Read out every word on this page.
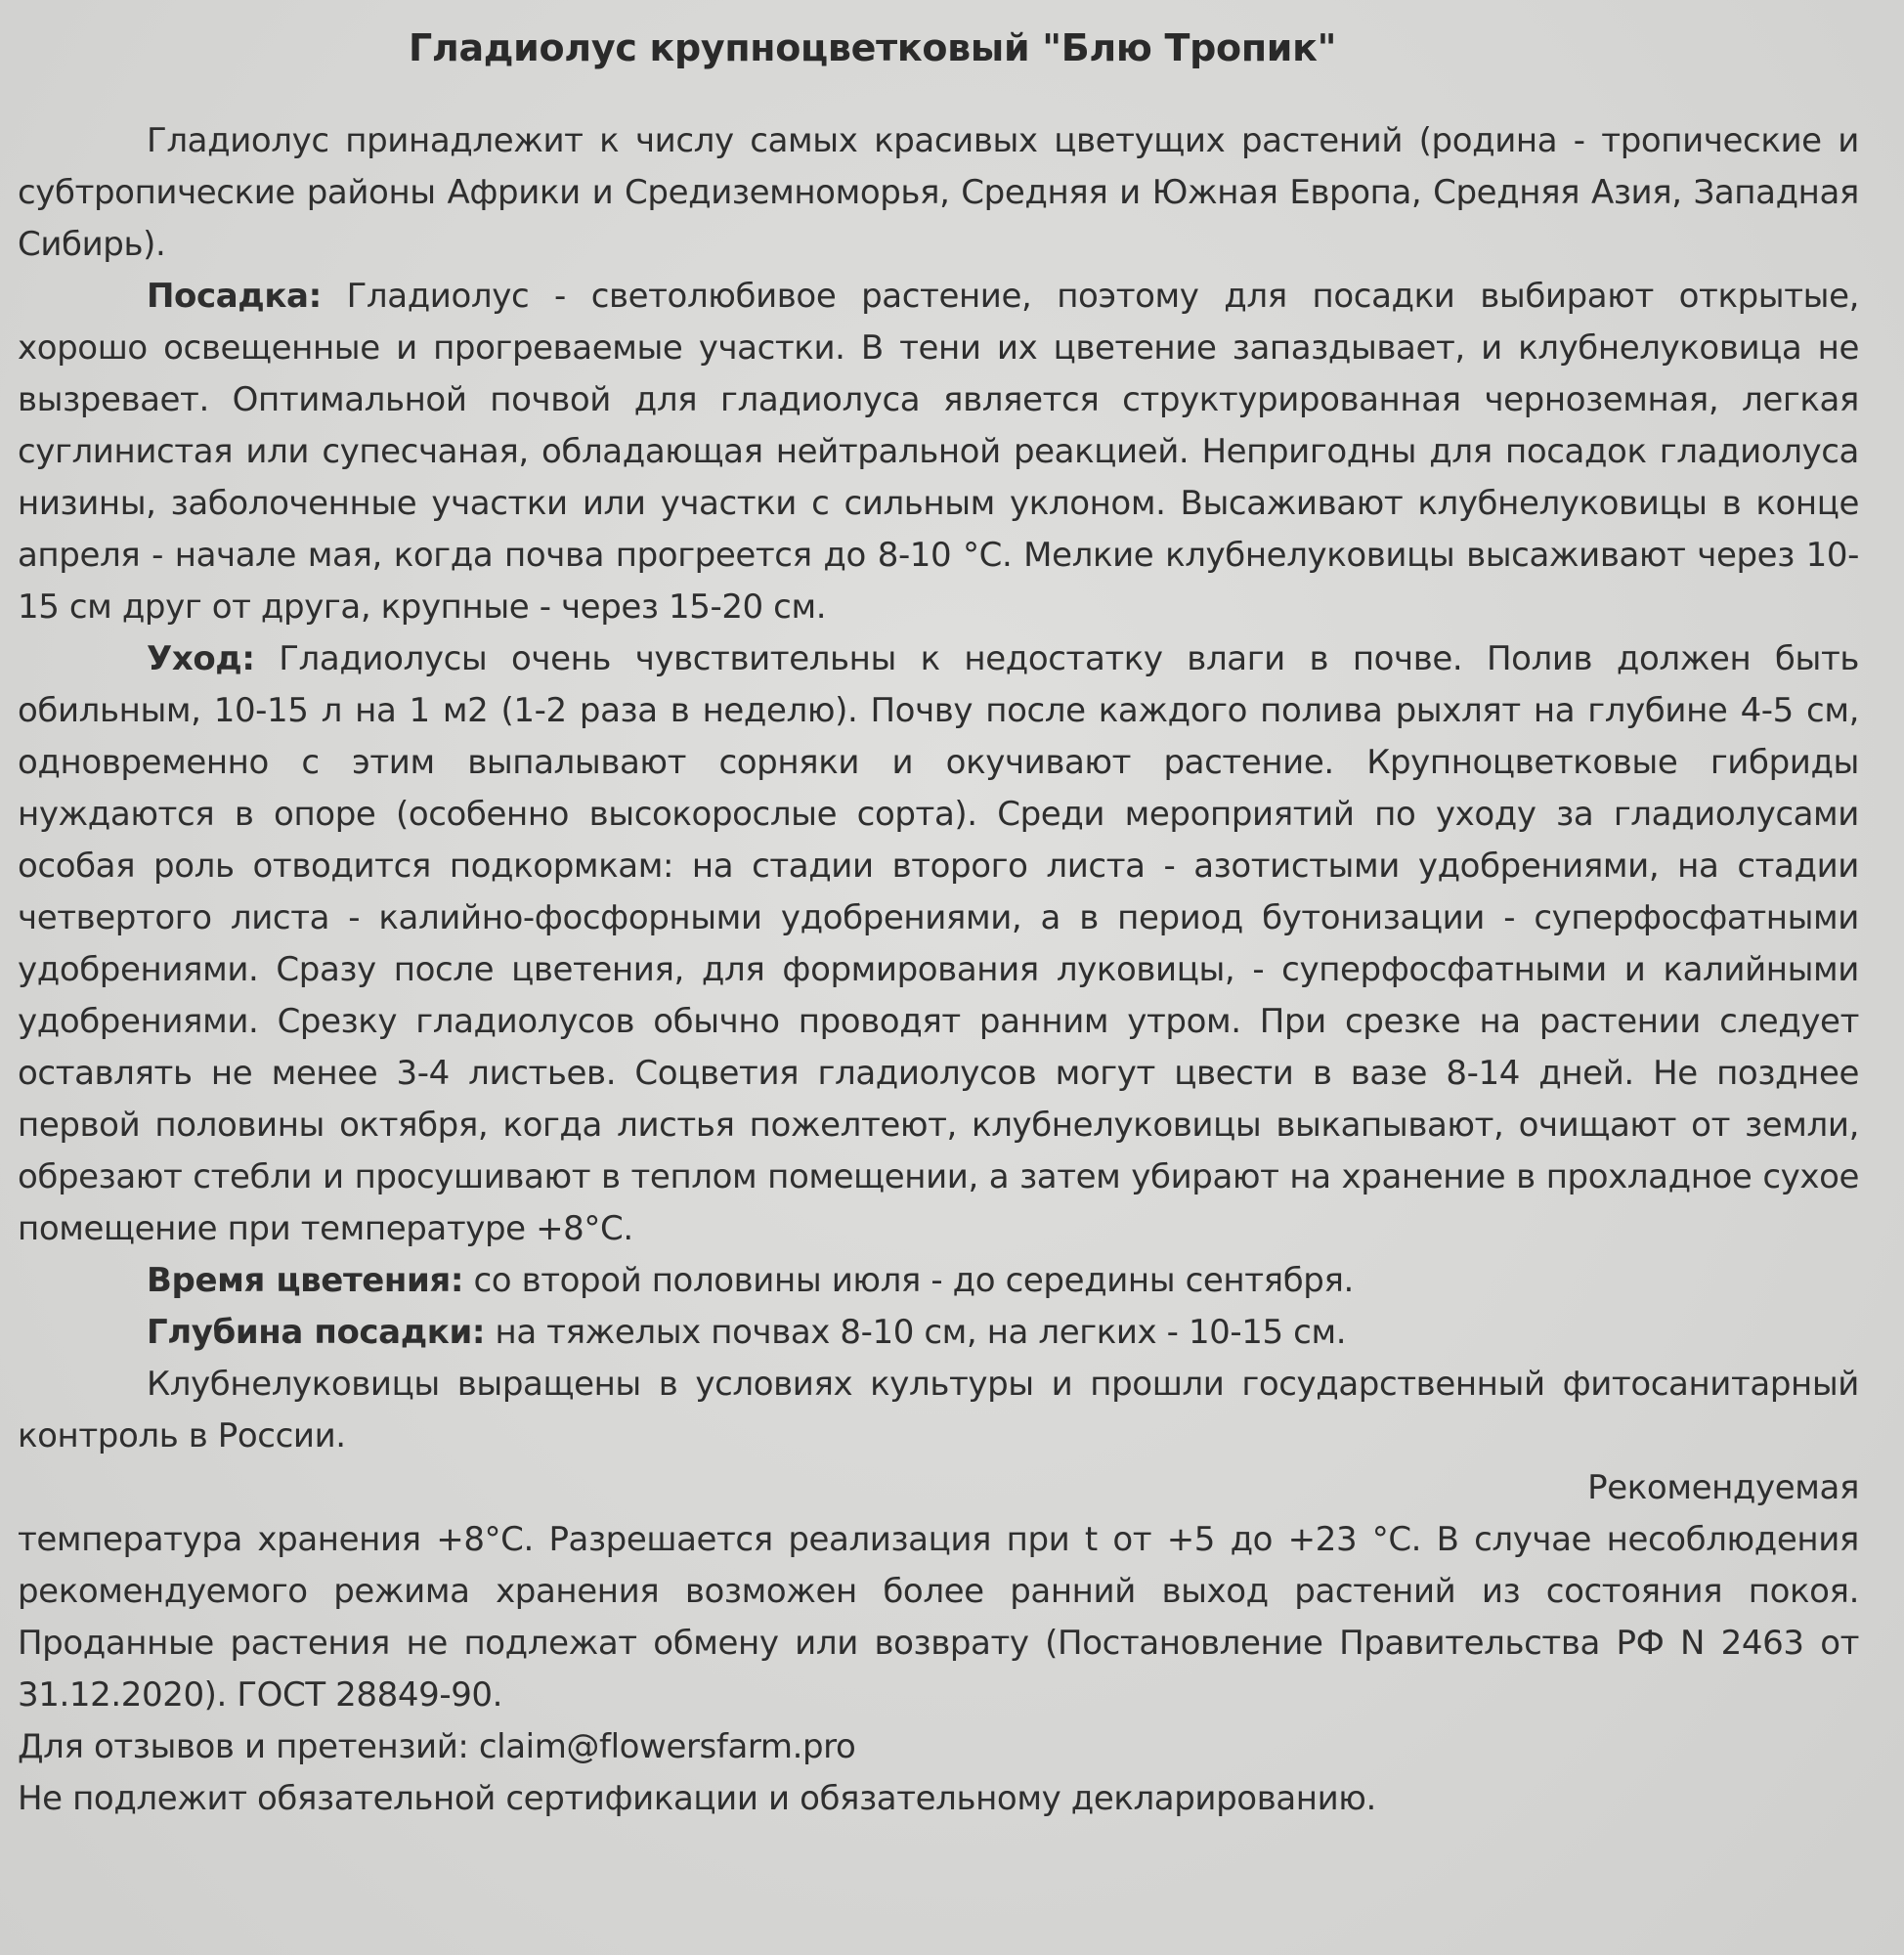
Гладиолус крупноцветковый "Блю Тропик"

Гладиолус принадлежит к числу самых красивых цветущих растений (родина - тропические и субтропические районы Африки и Средиземноморья, Средняя и Южная Европа, Средняя Азия, Западная Сибирь).

Посадка: Гладиолус - светолюбивое растение, поэтому для посадки выбирают открытые, хорошо освещенные и прогреваемые участки. В тени их цветение запаздывает, и клубнелуковица не вызревает. Оптимальной почвой для гладиолуса является структурированная черноземная, легкая суглинистая или супесчаная, обладающая нейтральной реакцией. Непригодны для посадок гладиолуса низины, заболоченные участки или участки с сильным уклоном. Высаживают клубнелуковицы в конце апреля - начале мая, когда почва прогреется до 8-10 °С. Мелкие клубнелуковицы высаживают через 10-15 см друг от друга, крупные - через 15-20 см.

Уход: Гладиолусы очень чувствительны к недостатку влаги в почве. Полив должен быть обильным, 10-15 л на 1 м2 (1-2 раза в неделю). Почву после каждого полива рыхлят на глубине 4-5 см, одновременно с этим выпалывают сорняки и окучивают растение. Крупноцветковые гибриды нуждаются в опоре (особенно высокорослые сорта). Среди мероприятий по уходу за гладиолусами особая роль отводится подкормкам: на стадии второго листа - азотистыми удобрениями, на стадии четвертого листа - калийно-фосфорными удобрениями, а в период бутонизации - суперфосфатными удобрениями. Сразу после цветения, для формирования луковицы, - суперфосфатными и калийными удобрениями. Срезку гладиолусов обычно проводят ранним утром. При срезке на растении следует оставлять не менее 3-4 листьев. Соцветия гладиолусов могут цвести в вазе 8-14 дней. Не позднее первой половины октября, когда листья пожелтеют, клубнелуковицы выкапывают, очищают от земли, обрезают стебли и просушивают в теплом помещении, а затем убирают на хранение в прохладное сухое помещение при температуре +8°С.

Время цветения: со второй половины июля - до середины сентября.

Глубина посадки: на тяжелых почвах 8-10 см, на легких - 10-15 см.

Клубнелуковицы выращены в условиях культуры и прошли государственный фитосанитарный контроль в России.

Рекомендуемая

температура хранения +8°С. Разрешается реализация при t от +5 до +23 °С. В случае несоблюдения рекомендуемого режима хранения возможен более ранний выход растений из состояния покоя. Проданные растения не подлежат обмену или возврату (Постановление Правительства РФ N 2463 от 31.12.2020). ГОСТ 28849-90.

Для отзывов и претензий: claim@flowersfarm.pro

Не подлежит обязательной сертификации и обязательному декларированию.
